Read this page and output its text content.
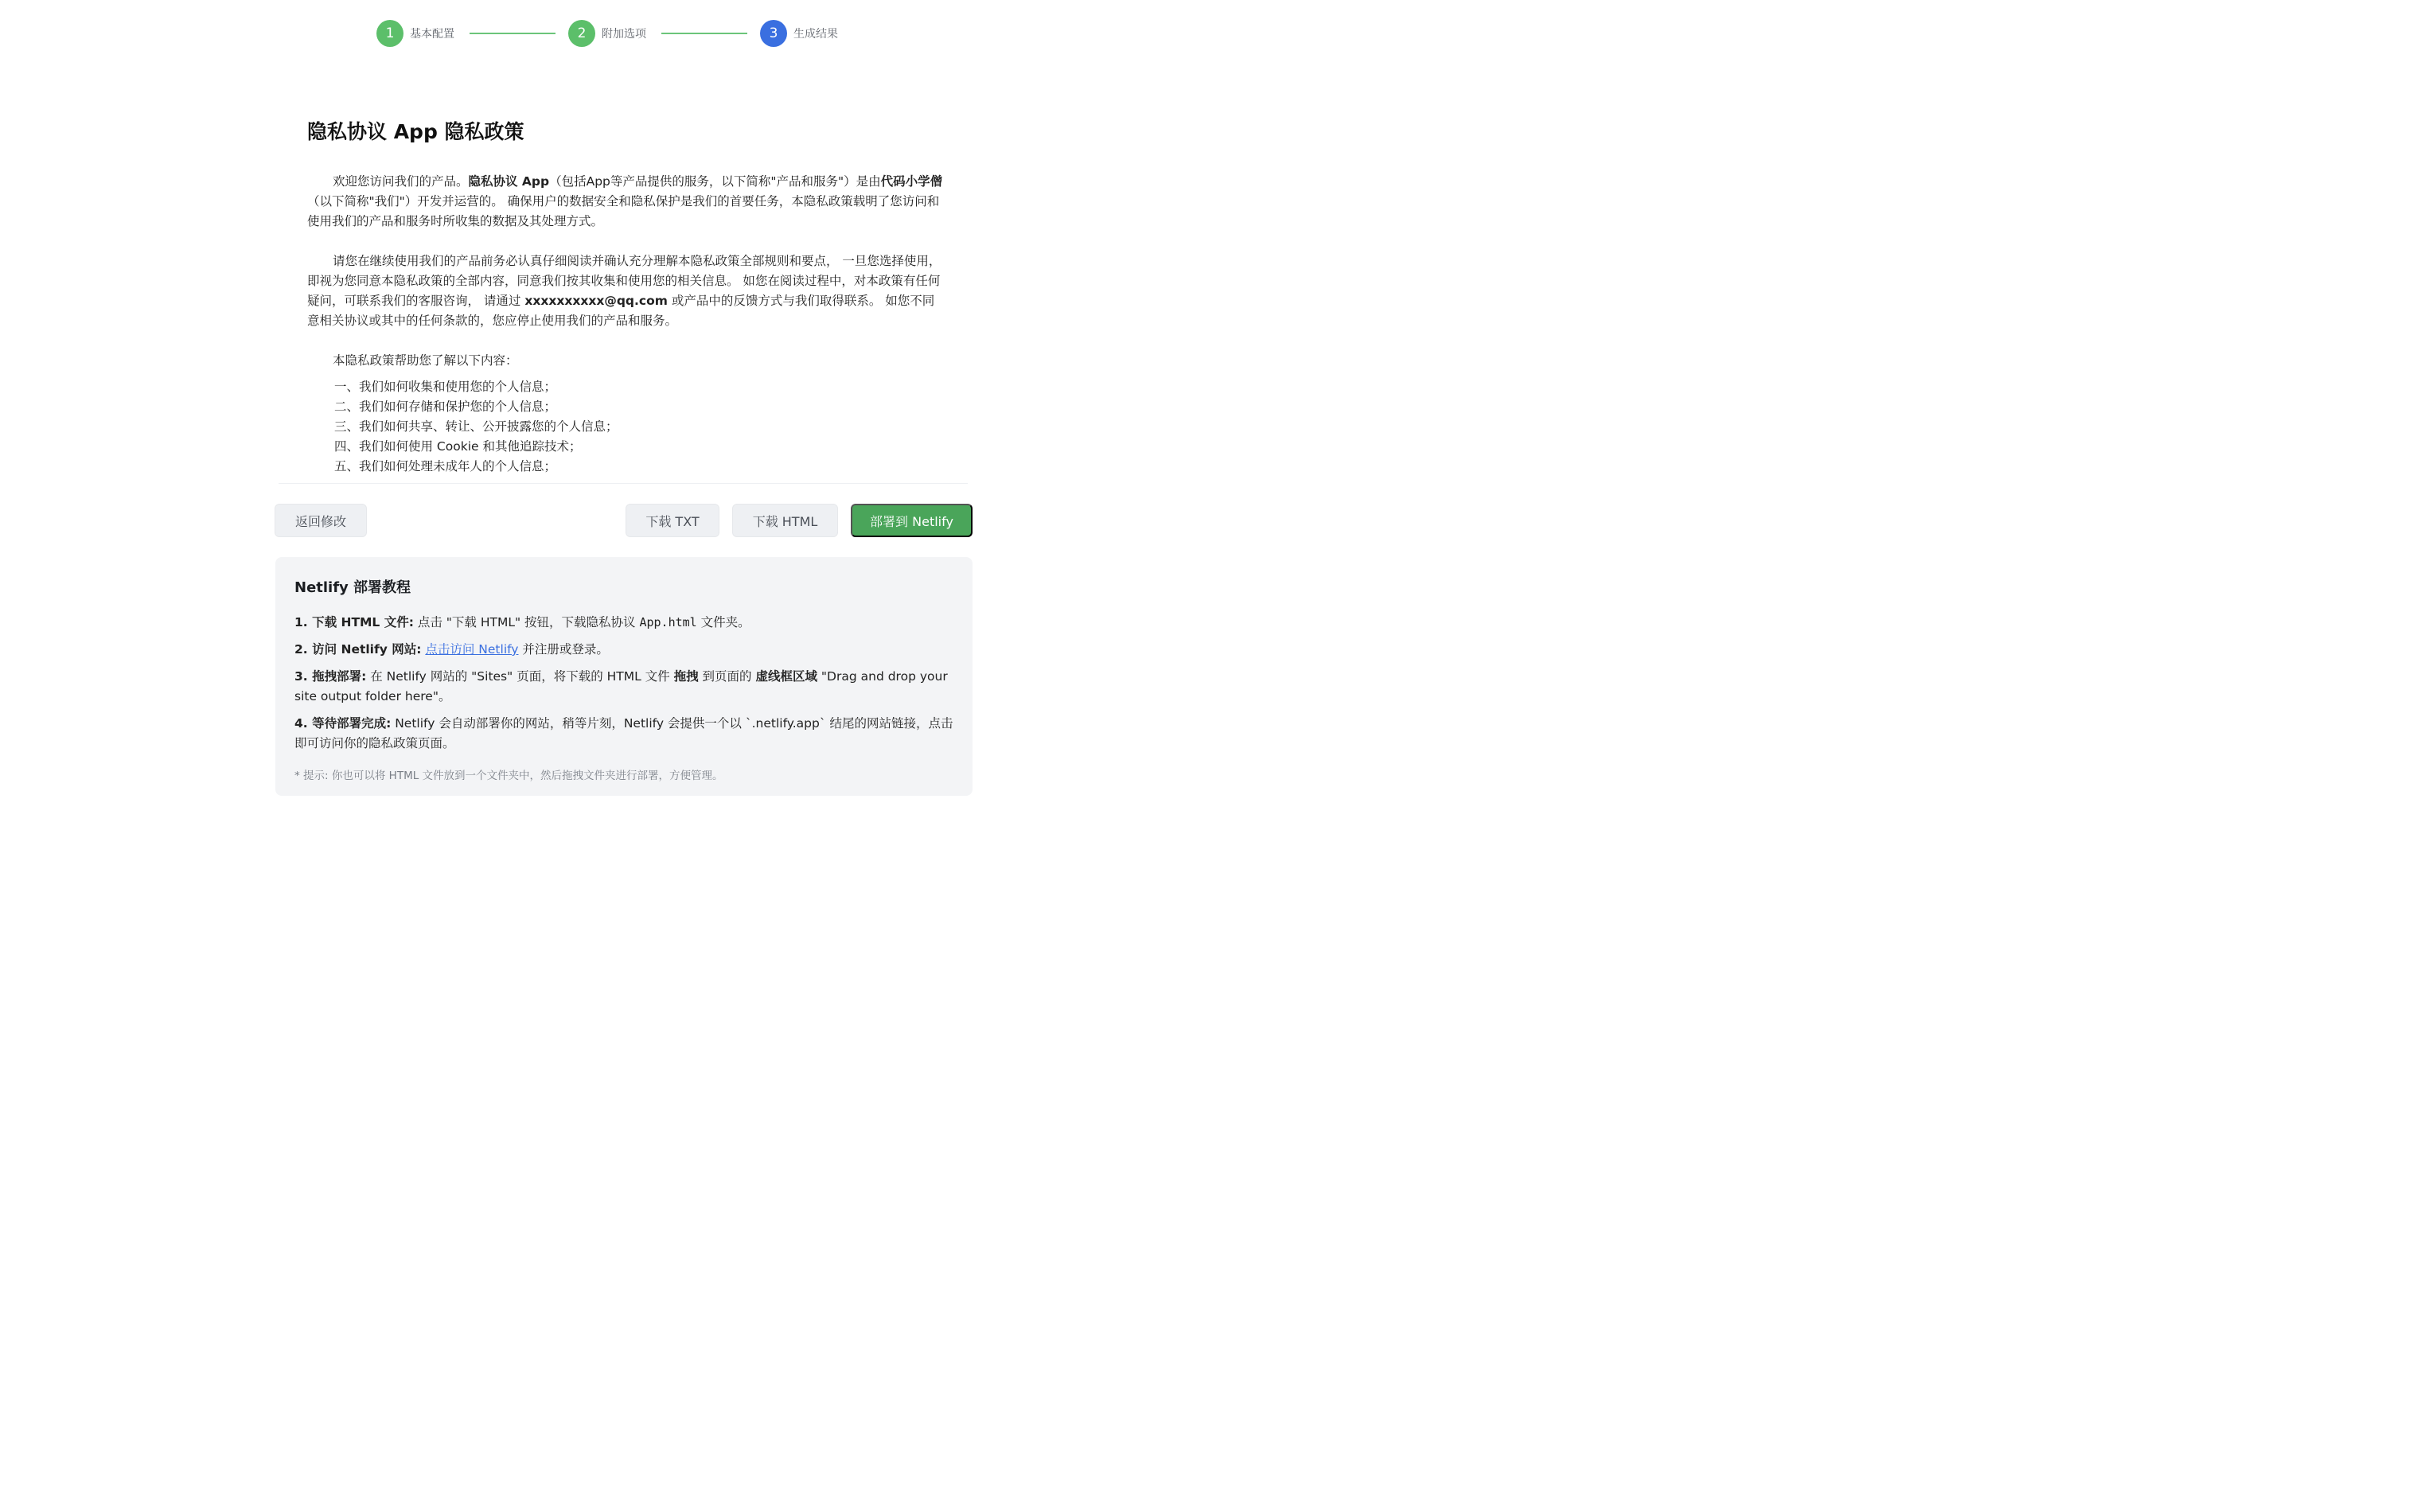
1	基本配置	2	附加选项	3	生成结果
隐私协议 App 隐私政策

欢迎您访问我们的产品。隐私协议 App（包括App等产品提供的服务，以下简称"产品和服务"）是由代码小学僧（以下简称"我们"）开发并运营的。 确保用户的数据安全和隐私保护是我们的首要任务，本隐私政策载明了您访问和使用我们的产品和服务时所收集的数据及其处理方式。

请您在继续使用我们的产品前务必认真仔细阅读并确认充分理解本隐私政策全部规则和要点， 一旦您选择使用，即视为您同意本隐私政策的全部内容，同意我们按其收集和使用您的相关信息。 如您在阅读过程中，对本政策有任何疑问，可联系我们的客服咨询， 请通过 xxxxxxxxxx@qq.com 或产品中的反馈方式与我们取得联系。 如您不同意相关协议或其中的任何条款的，您应停止使用我们的产品和服务。

本隐私政策帮助您了解以下内容：

一、我们如何收集和使用您的个人信息；
二、我们如何存储和保护您的个人信息；
三、我们如何共享、转让、公开披露您的个人信息；
四、我们如何使用 Cookie 和其他追踪技术；
五、我们如何处理未成年人的个人信息；
返回修改	下载 TXT	下载 HTML	部署到 Netlify
Netlify 部署教程
1. 下载 HTML 文件: 点击 "下载 HTML" 按钮，下载隐私协议 App.html 文件夹。
2. 访问 Netlify 网站: 点击访问 Netlify 并注册或登录。
3. 拖拽部署: 在 Netlify 网站的 "Sites" 页面，将下载的 HTML 文件 拖拽 到页面的 虚线框区域 "Drag and drop your site output folder here"。
4. 等待部署完成: Netlify 会自动部署你的网站，稍等片刻，Netlify 会提供一个以 `.netlify.app` 结尾的网站链接，点击即可访问你的隐私政策页面。
* 提示: 你也可以将 HTML 文件放到一个文件夹中，然后拖拽文件夹进行部署，方便管理。
